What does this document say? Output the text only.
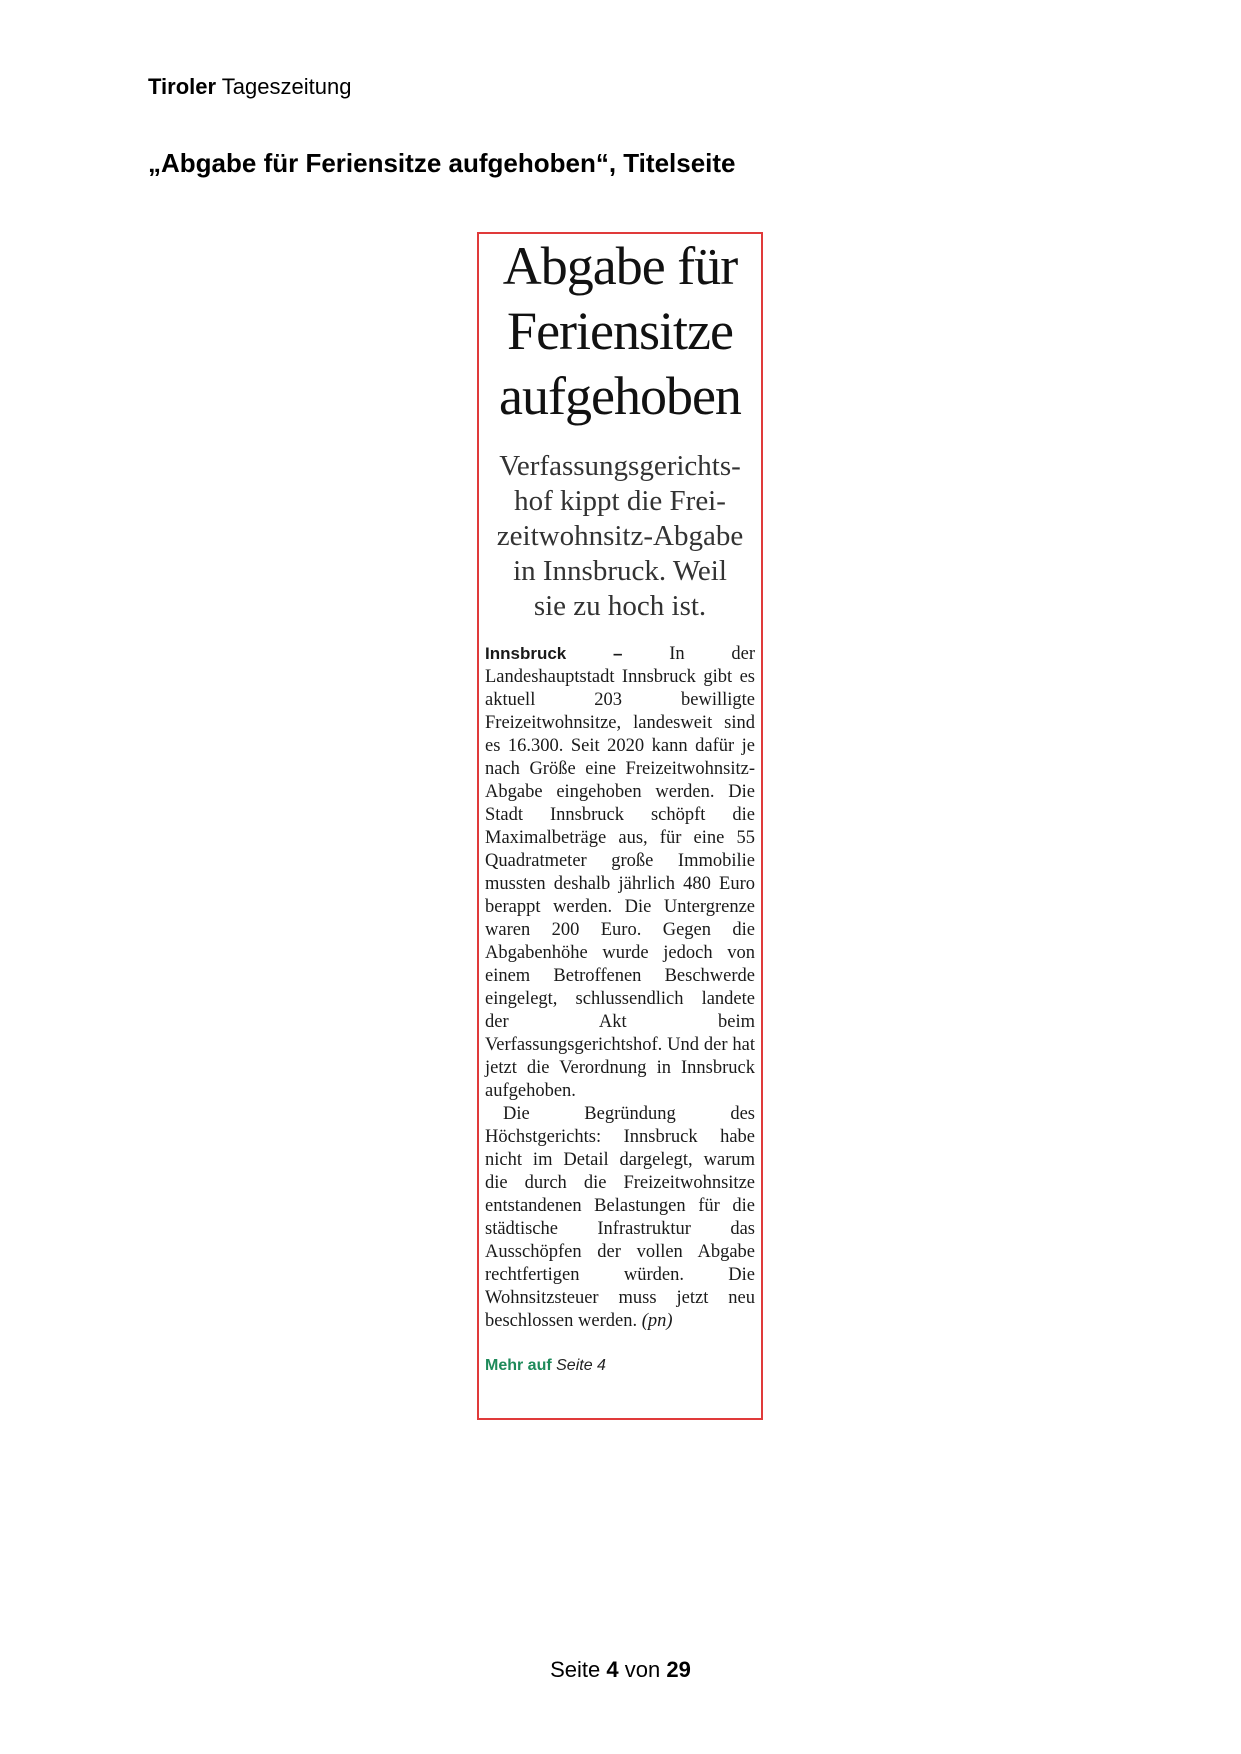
Tiroler Tageszeitung
„Abgabe für Feriensitze aufgehoben“, Titelseite
Abgabe für
Feriensitze
aufgehoben
Verfassungsgerichts-
hof kippt die Frei-
zeitwohnsitz-Abgabe
in Innsbruck. Weil
sie zu hoch ist.

Innsbruck –	In der Landeshauptstadt Innsbruck gibt es aktuell 203 bewilligte Freizeitwohnsitze, landesweit sind es 16.300. Seit 2020 kann dafür je nach Größe eine Freizeitwohnsitz-Abgabe eingehoben werden. Die Stadt Innsbruck schöpft die Maximalbeträge aus, für eine 55 Quadratmeter große Immobilie mussten deshalb jährlich 480 Euro berappt werden. Die Untergrenze waren 200 Euro. Gegen die Abgabenhöhe wurde jedoch von einem Betroffenen Beschwerde eingelegt, schlussendlich landete der Akt beim Verfassungsgerichtshof. Und der hat jetzt die Verordnung in Innsbruck aufgehoben.

Die Begründung des Höchstgerichts: Innsbruck habe nicht im Detail dargelegt, warum die durch die Freizeitwohnsitze entstandenen Belastungen für die städtische Infrastruktur das Ausschöpfen der vollen Abgabe rechtfertigen würden. Die Wohnsitzsteuer muss jetzt neu beschlossen werden. (pn)

Mehr auf Seite 4
Seite 4 von 29
